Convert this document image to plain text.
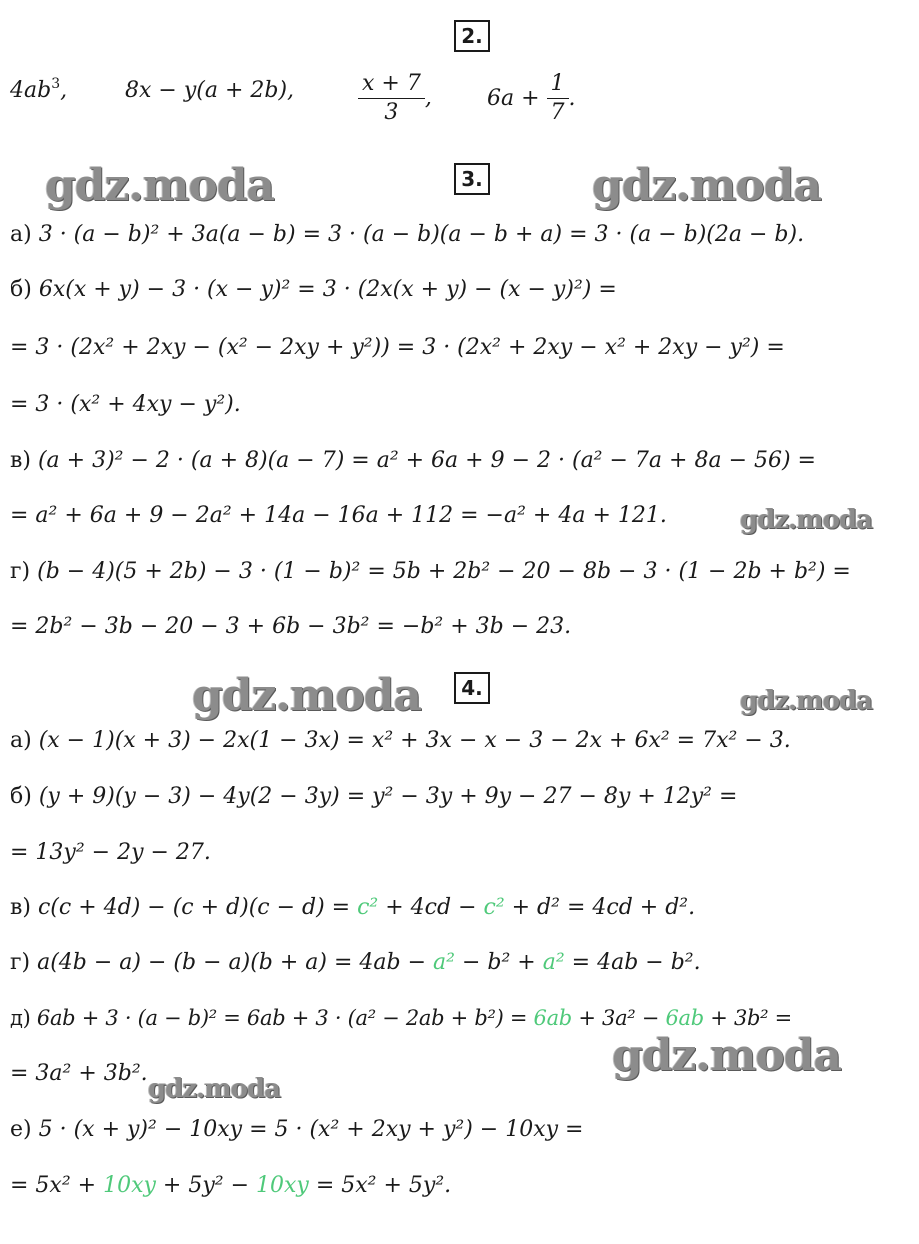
2.
$4ab^3$,	8x − y(a + 2b),	$\frac{x + 7}{3}$ ,	$6a + \frac{1}{7}$ .
gdz.moda	gdz.moda
gdz.moda
gdz.moda	gdz.moda
gdz.moda
gdz.moda
3.
а) 3 · (a − b)² + 3a(a − b) = 3 · (a − b)(a − b + a) = 3 · (a − b)(2a − b).
б) 6x(x + y) − 3 · (x − y)² = 3 · (2x(x + y) − (x − y)²) =
= 3 · (2x² + 2xy − (x² − 2xy + y²)) = 3 · (2x² + 2xy − x² + 2xy − y²) =
= 3 · (x² + 4xy − y²).
в) (a + 3)² − 2 · (a + 8)(a − 7) = a² + 6a + 9 − 2 · (a² − 7a + 8a − 56) =
= a² + 6a + 9 − 2a² + 14a − 16a + 112 = −a² + 4a + 121.
г) (b − 4)(5 + 2b) − 3 · (1 − b)² = 5b + 2b² − 20 − 8b − 3 · (1 − 2b + b²) =
= 2b² − 3b − 20 − 3 + 6b − 3b² = −b² + 3b − 23.
4.
а) (x − 1)(x + 3) − 2x(1 − 3x) = x² + 3x − x − 3 − 2x + 6x² = 7x² − 3.
б) (y + 9)(y − 3) − 4y(2 − 3y) = y² − 3y + 9y − 27 − 8y + 12y² =
= 13y² − 2y − 27.
в) c(c + 4d) − (c + d)(c − d) = c² + 4cd − c² + d² = 4cd + d².
г) a(4b − a) − (b − a)(b + a) = 4ab − a² − b² + a² = 4ab − b².
д) 6ab + 3 · (a − b)² = 6ab + 3 · (a² − 2ab + b²) = 6ab + 3a² − 6ab + 3b² =
= 3a² + 3b².
е) 5 · (x + y)² − 10xy = 5 · (x² + 2xy + y²) − 10xy =
= 5x² + 10xy + 5y² − 10xy = 5x² + 5y².
